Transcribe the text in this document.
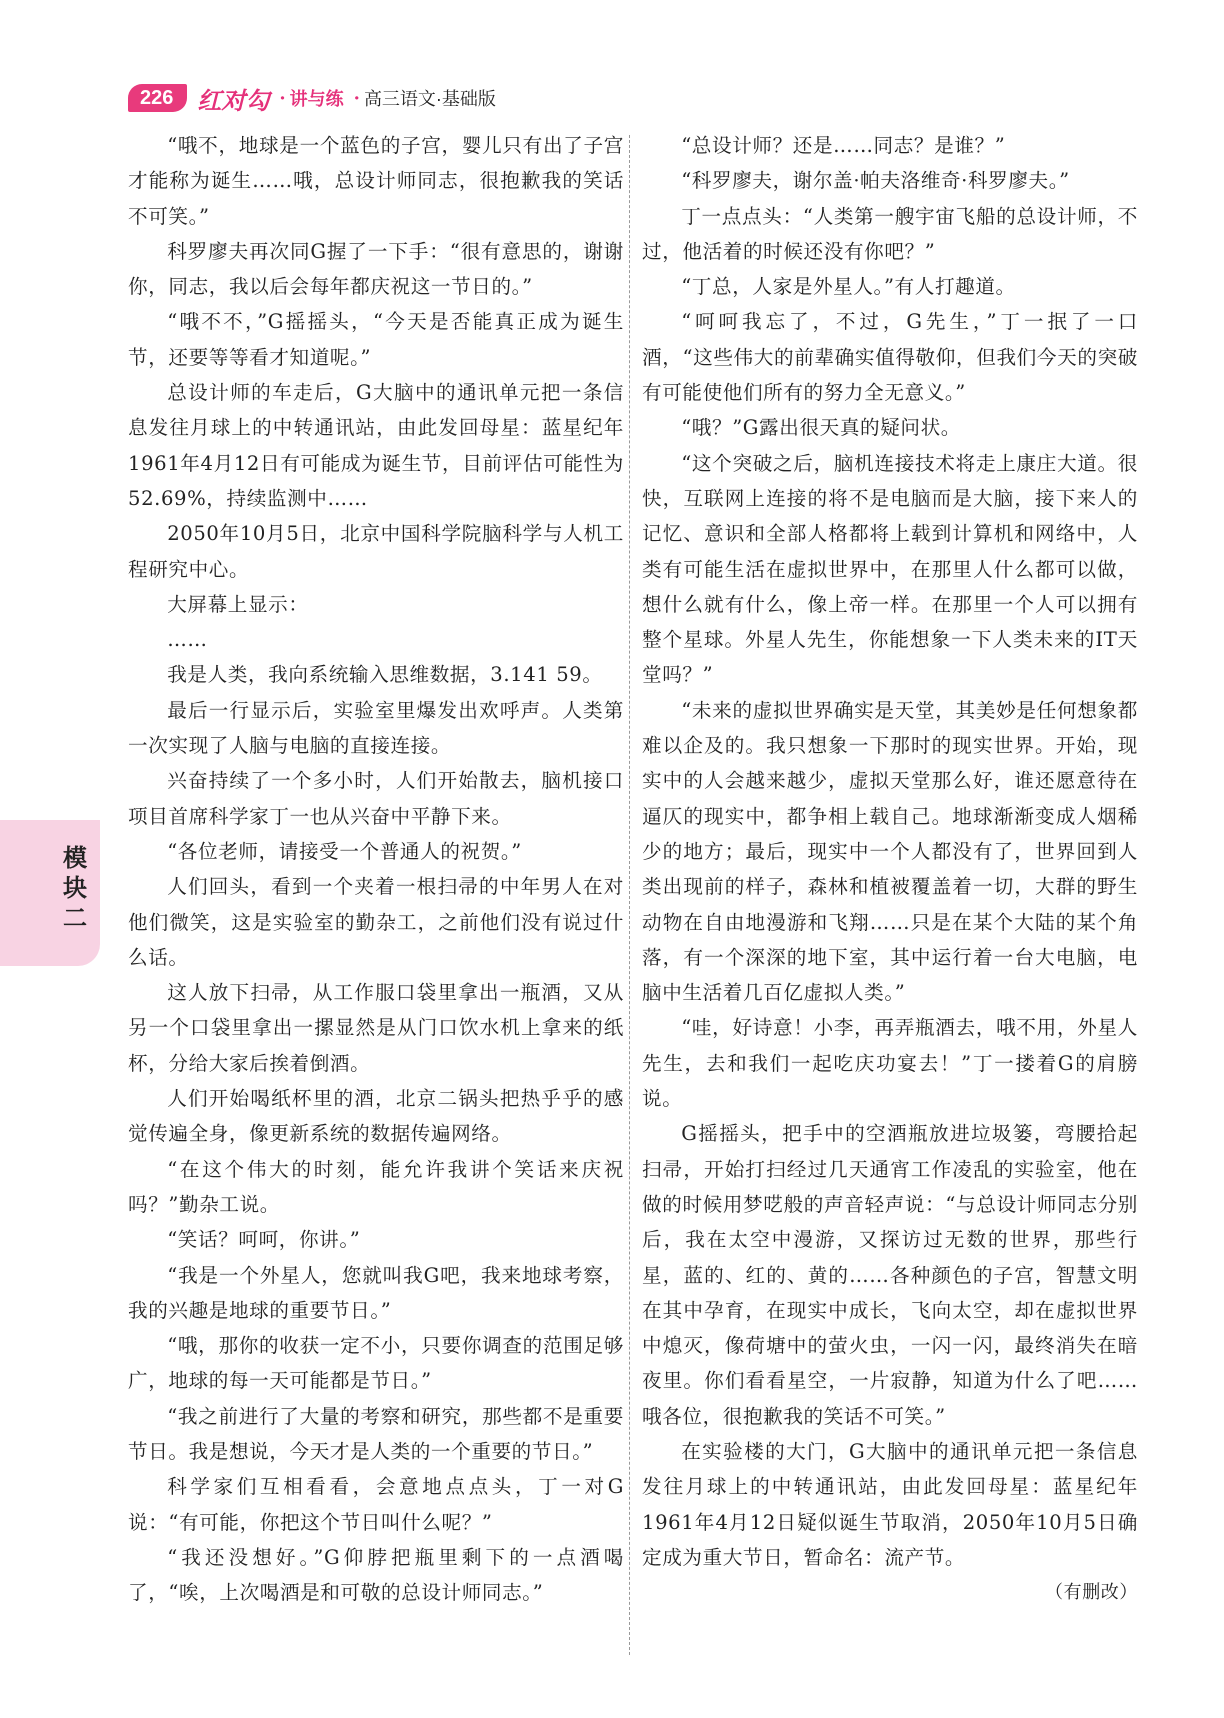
226	红对勾 · 讲与练 · 高三语文·基础版
模块二

“哦不，地球是一个蓝色的子宫，婴儿只有出了子宫才能称为诞生……哦，总设计师同志，很抱歉我的笑话不可笑。”

科罗廖夫再次同G握了一下手：“很有意思的，谢谢你，同志，我以后会每年都庆祝这一节日的。”

“哦不不，”G摇摇头，“今天是否能真正成为诞生节，还要等等看才知道呢。”

总设计师的车走后，G大脑中的通讯单元把一条信息发往月球上的中转通讯站，由此发回母星：蓝星纪年1961年4月12日有可能成为诞生节，目前评估可能性为52.69%，持续监测中……

2050年10月5日，北京中国科学院脑科学与人机工程研究中心。

大屏幕上显示：

……

我是人类，我向系统输入思维数据，3.141 59。

最后一行显示后，实验室里爆发出欢呼声。人类第一次实现了人脑与电脑的直接连接。

兴奋持续了一个多小时，人们开始散去，脑机接口项目首席科学家丁一也从兴奋中平静下来。

“各位老师，请接受一个普通人的祝贺。”

人们回头，看到一个夹着一根扫帚的中年男人在对他们微笑，这是实验室的勤杂工，之前他们没有说过什么话。

这人放下扫帚，从工作服口袋里拿出一瓶酒，又从另一个口袋里拿出一摞显然是从门口饮水机上拿来的纸杯，分给大家后挨着倒酒。

人们开始喝纸杯里的酒，北京二锅头把热乎乎的感觉传遍全身，像更新系统的数据传遍网络。

“在这个伟大的时刻，能允许我讲个笑话来庆祝吗？”勤杂工说。

“笑话？呵呵，你讲。”

“我是一个外星人，您就叫我G吧，我来地球考察，我的兴趣是地球的重要节日。”

“哦，那你的收获一定不小，只要你调查的范围足够广，地球的每一天可能都是节日。”

“我之前进行了大量的考察和研究，那些都不是重要节日。我是想说，今天才是人类的一个重要的节日。”

科学家们互相看看，会意地点点头，丁一对G说：“有可能，你把这个节日叫什么呢？”

“我还没想好。”G仰脖把瓶里剩下的一点酒喝了，“唉，上次喝酒是和可敬的总设计师同志。”

“总设计师？还是……同志？是谁？”

“科罗廖夫，谢尔盖·帕夫洛维奇·科罗廖夫。”

丁一点点头：“人类第一艘宇宙飞船的总设计师，不过，他活着的时候还没有你吧？”

“丁总，人家是外星人。”有人打趣道。

“呵呵我忘了，不过，G先生，”丁一抿了一口酒，“这些伟大的前辈确实值得敬仰，但我们今天的突破有可能使他们所有的努力全无意义。”

“哦？”G露出很天真的疑问状。

“这个突破之后，脑机连接技术将走上康庄大道。很快，互联网上连接的将不是电脑而是大脑，接下来人的记忆、意识和全部人格都将上载到计算机和网络中，人类有可能生活在虚拟世界中，在那里人什么都可以做，想什么就有什么，像上帝一样。在那里一个人可以拥有整个星球。外星人先生，你能想象一下人类未来的IT天堂吗？”

“未来的虚拟世界确实是天堂，其美妙是任何想象都难以企及的。我只想象一下那时的现实世界。开始，现实中的人会越来越少，虚拟天堂那么好，谁还愿意待在逼仄的现实中，都争相上载自己。地球渐渐变成人烟稀少的地方；最后，现实中一个人都没有了，世界回到人类出现前的样子，森林和植被覆盖着一切，大群的野生动物在自由地漫游和飞翔……只是在某个大陆的某个角落，有一个深深的地下室，其中运行着一台大电脑，电脑中生活着几百亿虚拟人类。”

“哇，好诗意！小李，再弄瓶酒去，哦不用，外星人先生，去和我们一起吃庆功宴去！”丁一搂着G的肩膀说。

G摇摇头，把手中的空酒瓶放进垃圾篓，弯腰拾起扫帚，开始打扫经过几天通宵工作凌乱的实验室，他在做的时候用梦呓般的声音轻声说：“与总设计师同志分别后，我在太空中漫游，又探访过无数的世界，那些行星，蓝的、红的、黄的……各种颜色的子宫，智慧文明在其中孕育，在现实中成长，飞向太空，却在虚拟世界中熄灭，像荷塘中的萤火虫，一闪一闪，最终消失在暗夜里。你们看看星空，一片寂静，知道为什么了吧……哦各位，很抱歉我的笑话不可笑。”

在实验楼的大门，G大脑中的通讯单元把一条信息发往月球上的中转通讯站，由此发回母星：蓝星纪年1961年4月12日疑似诞生节取消，2050年10月5日确定成为重大节日，暂命名：流产节。

（有删改）
